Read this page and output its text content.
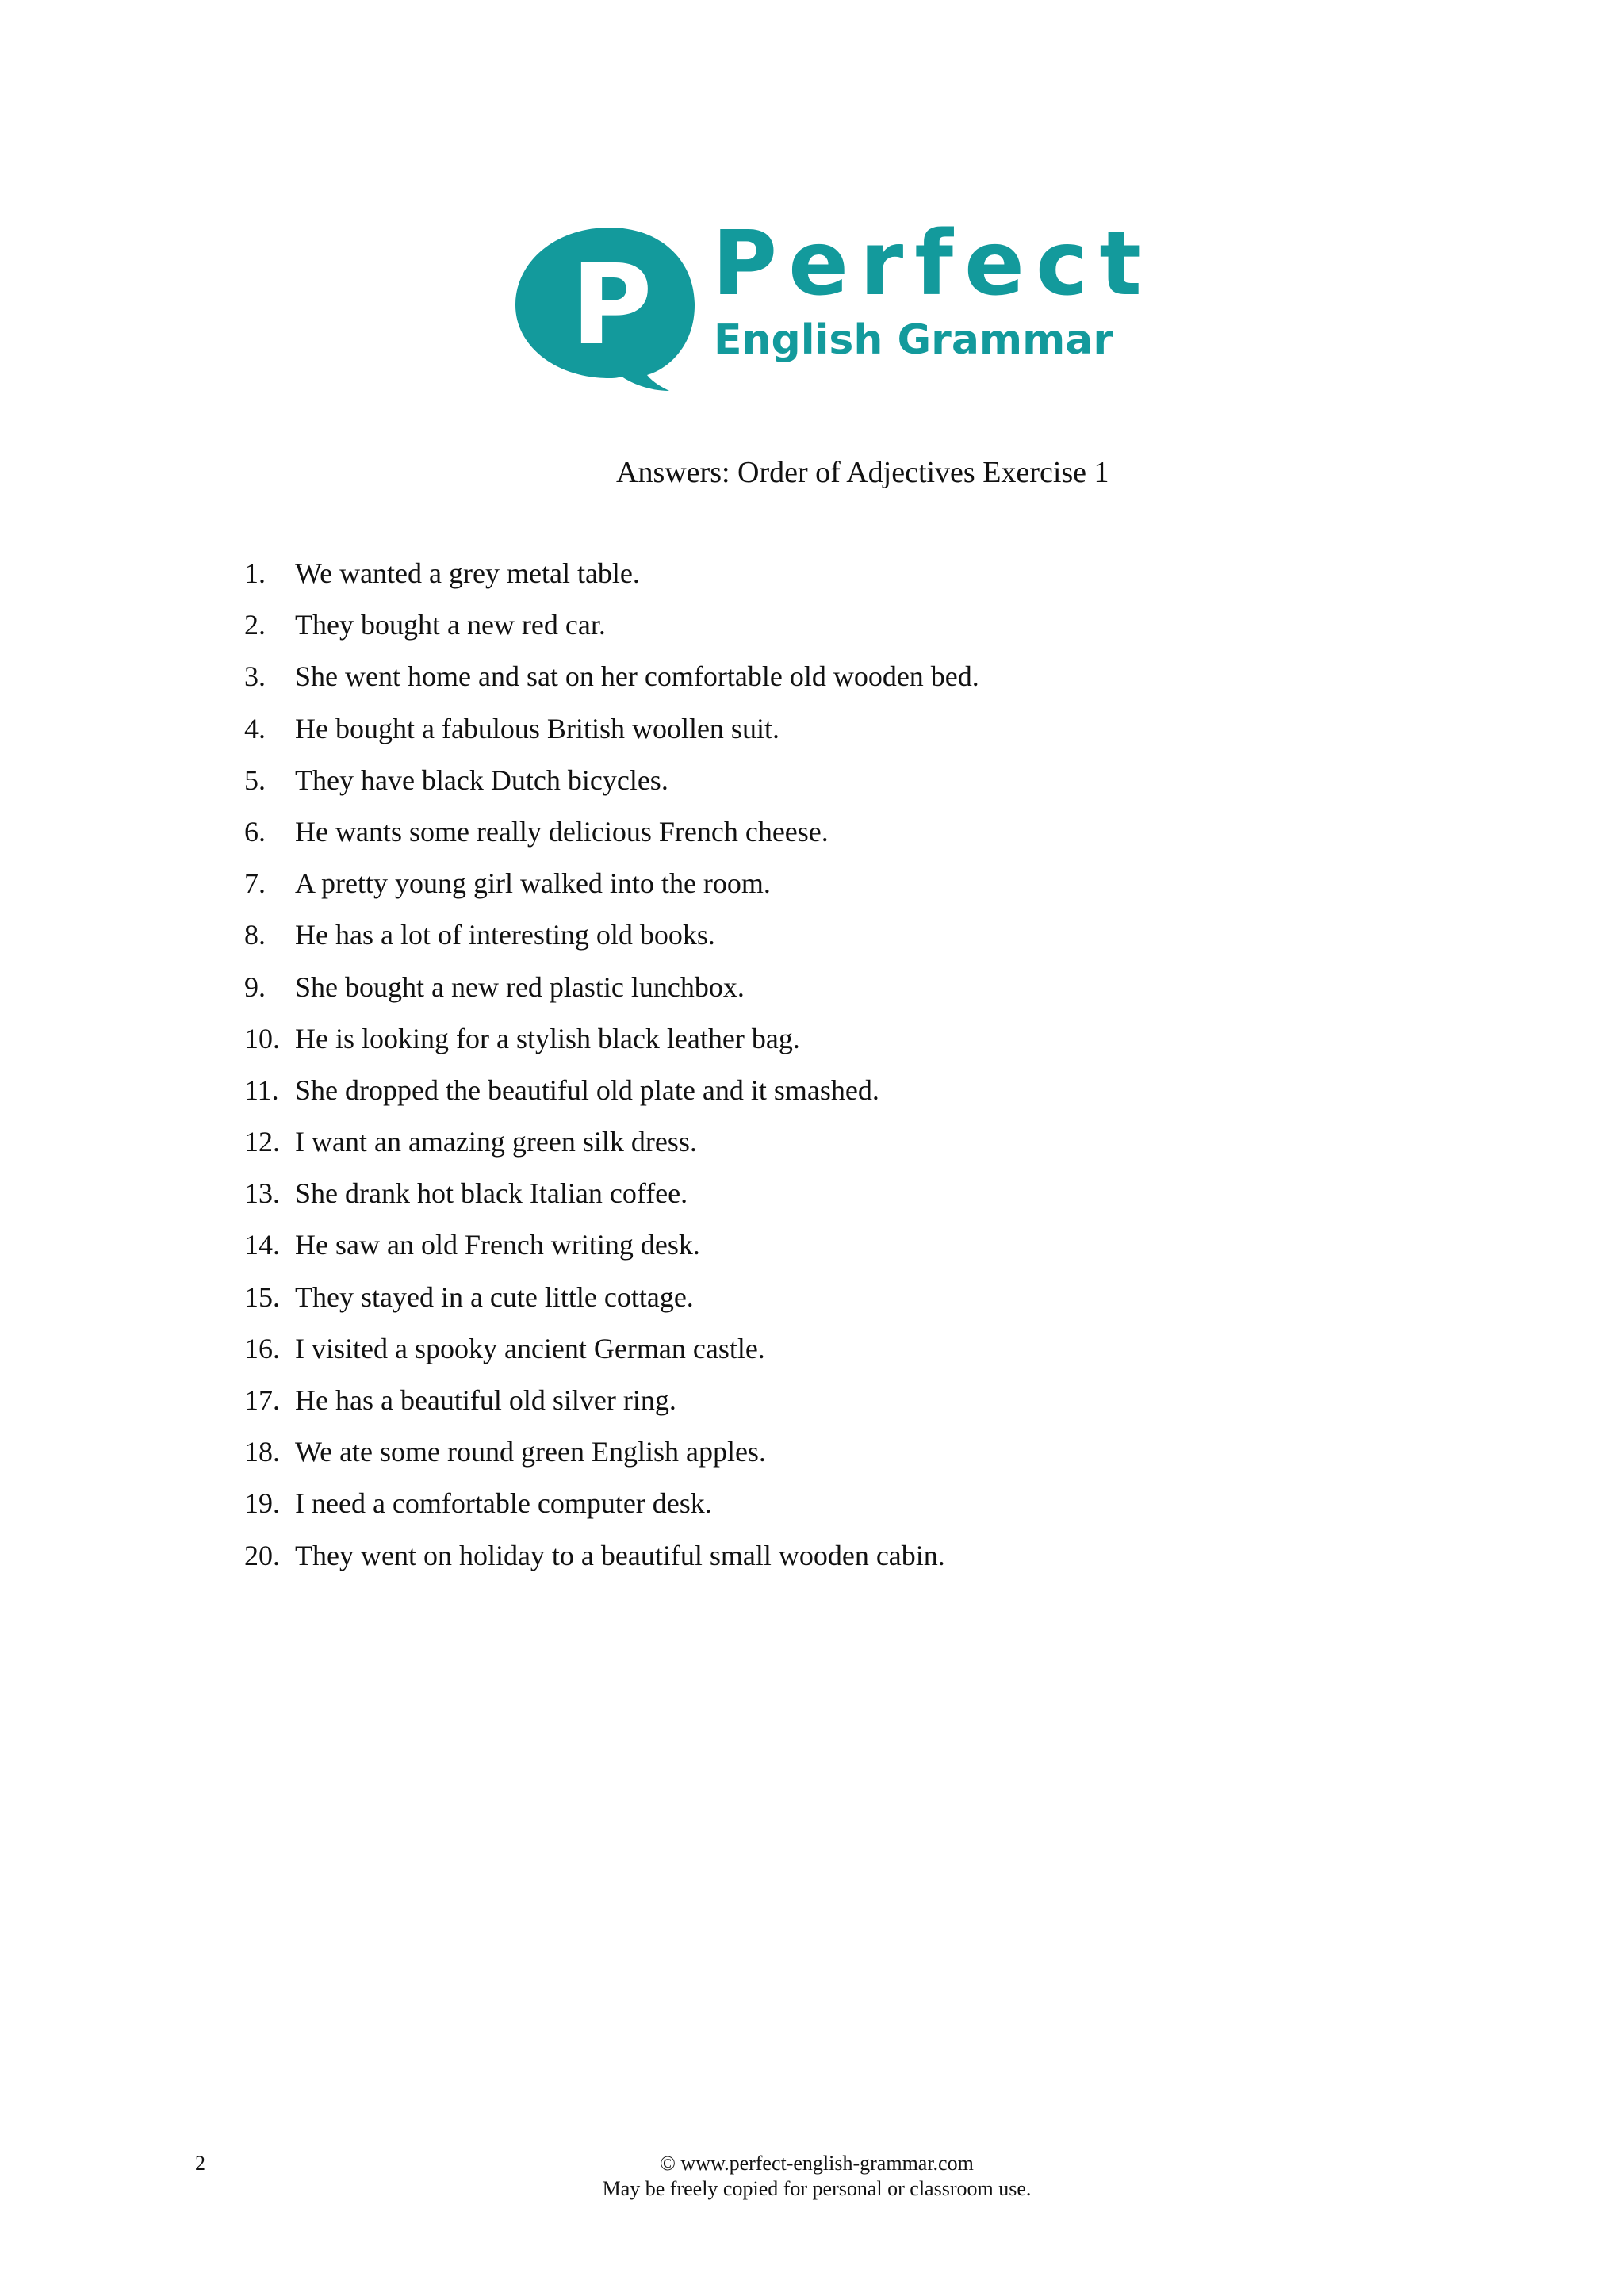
P Perfect
English Grammar
Answers: Order of Adjectives Exercise 1
1.	We wanted a grey metal table.
2.	They bought a new red car.
3.	She went home and sat on her comfortable old wooden bed.
4.	He bought a fabulous British woollen suit.
5.	They have black Dutch bicycles.
6.	He wants some really delicious French cheese.
7.	A pretty young girl walked into the room.
8.	He has a lot of interesting old books.
9.	She bought a new red plastic lunchbox.
10. He is looking for a stylish black leather bag.
11. She dropped the beautiful old plate and it smashed.
12. I want an amazing green silk dress.
13. She drank hot black Italian coffee.
14. He saw an old French writing desk.
15. They stayed in a cute little cottage.
16. I visited a spooky ancient German castle.
17. He has a beautiful old silver ring.
18. We ate some round green English apples.
19. I need a comfortable computer desk.
20. They went on holiday to a beautiful small wooden cabin.
2	© www.perfect-english-grammar.com
May be freely copied for personal or classroom use.
